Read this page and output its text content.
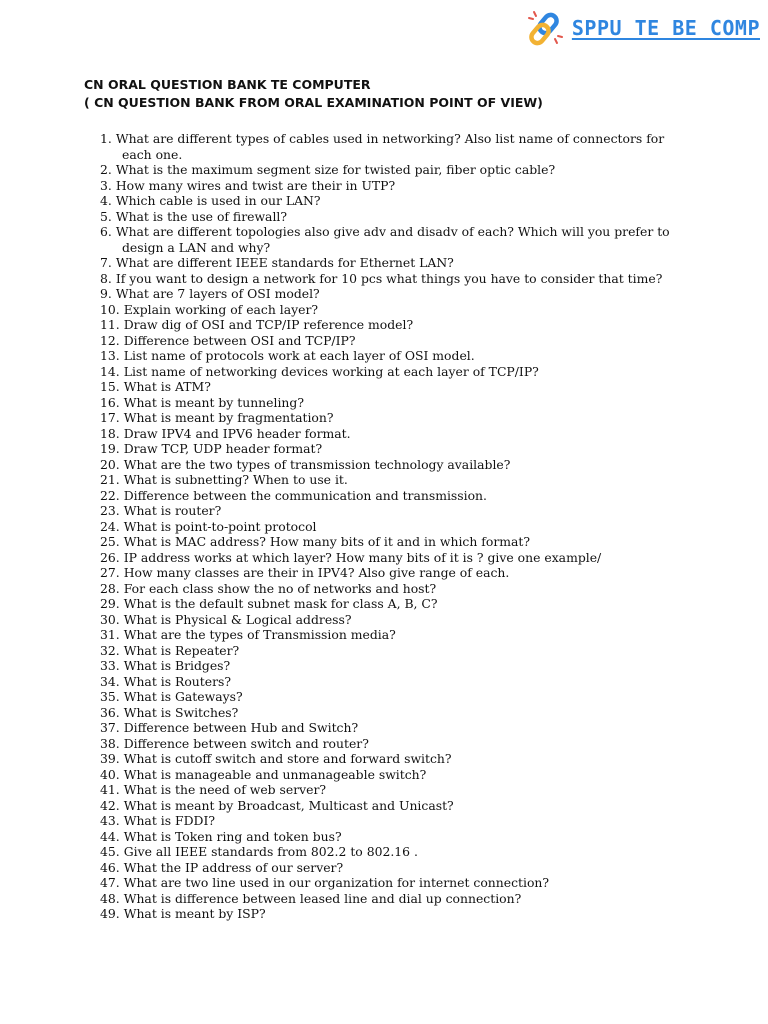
SPPU_TE_BE_COMP
CN ORAL QUESTION BANK TE COMPUTER
( CN QUESTION BANK FROM ORAL EXAMINATION POINT OF VIEW)
1. What are different types of cables used in networking? Also list name of connectors for each one.
2. What is the maximum segment size for twisted pair, fiber optic cable?
3. How many wires and twist are their in UTP?
4. Which cable is used in our LAN?
5. What is the use of firewall?
6. What are different topologies also give adv and disadv of each? Which will you prefer to design a LAN and why?
7. What are different IEEE standards for Ethernet LAN?
8. If you want to design a network for 10 pcs what things you have to consider that time?
9. What are 7 layers of OSI model?
10. Explain working of each layer?
11. Draw dig of OSI and TCP/IP reference model?
12. Difference between OSI and TCP/IP?
13. List name of protocols work at each layer of OSI model.
14. List name of networking devices working at each layer of TCP/IP?
15. What is ATM?
16. What is meant by tunneling?
17. What is meant by fragmentation?
18. Draw IPV4 and IPV6 header format.
19. Draw TCP, UDP header format?
20. What are the two types of transmission technology available?
21. What is subnetting? When to use it.
22. Difference between the communication and transmission.
23. What is router?
24. What is point-to-point protocol
25. What is MAC address? How many bits of it and in which format?
26. IP address works at which layer? How many bits of it is ? give one example/
27. How many classes are their in IPV4? Also give range of each.
28. For each class show the no of networks and host?
29. What is the default subnet mask for class A, B, C?
30. What is Physical & Logical address?
31. What are the types of Transmission media?
32. What is Repeater?
33. What is Bridges?
34. What is Routers?
35. What is Gateways?
36. What is Switches?
37. Difference between Hub and Switch?
38. Difference between switch and router?
39. What is cutoff switch and store and forward switch?
40. What is manageable and unmanageable switch?
41. What is the need of web server?
42. What is meant by Broadcast, Multicast and Unicast?
43. What is FDDI?
44. What is Token ring and token bus?
45. Give all IEEE standards from 802.2 to 802.16 .
46. What the IP address of our server?
47. What are two line used in our organization for internet connection?
48. What is difference between leased line and dial up connection?
49. What is meant by ISP?
